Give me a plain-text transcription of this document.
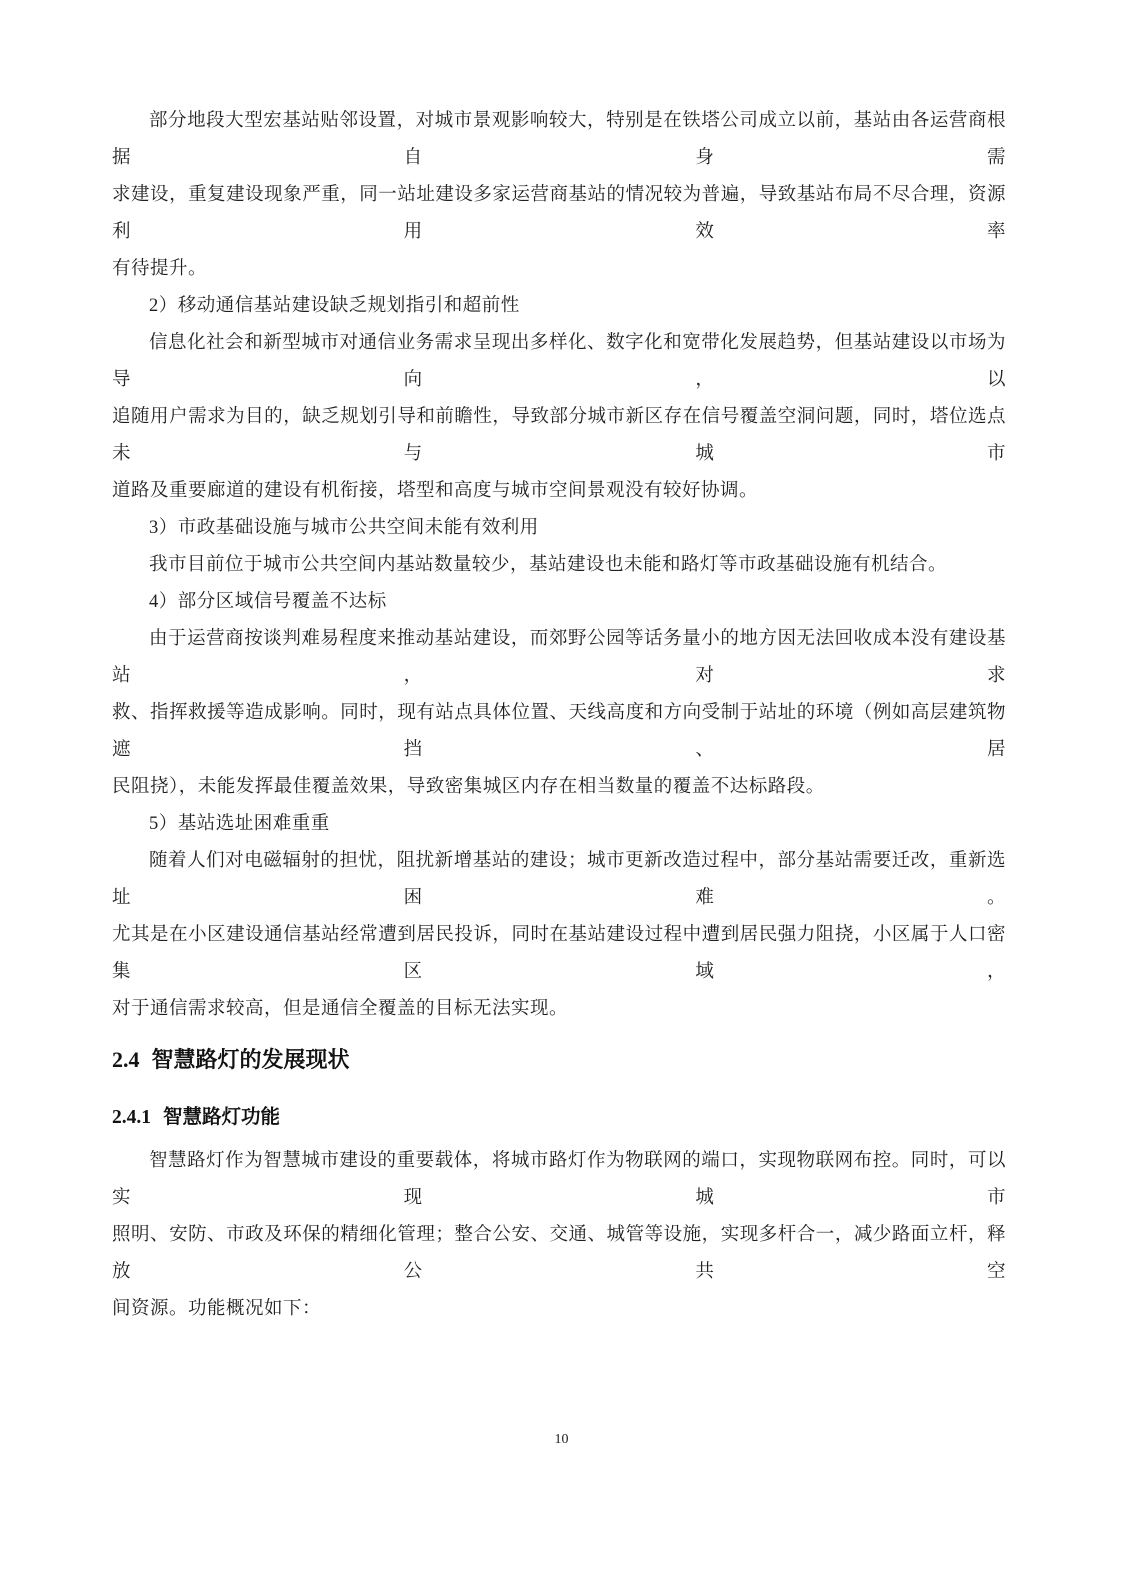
部分地段大型宏基站贴邻设置，对城市景观影响较大，特别是在铁塔公司成立以前，基站由各运营商根据自身需
求建设，重复建设现象严重，同一站址建设多家运营商基站的情况较为普遍，导致基站布局不尽合理，资源利用效率
有待提升。
2）移动通信基站建设缺乏规划指引和超前性
信息化社会和新型城市对通信业务需求呈现出多样化、数字化和宽带化发展趋势，但基站建设以市场为导向，以
追随用户需求为目的，缺乏规划引导和前瞻性，导致部分城市新区存在信号覆盖空洞问题，同时，塔位选点未与城市
道路及重要廊道的建设有机衔接，塔型和高度与城市空间景观没有较好协调。
3）市政基础设施与城市公共空间未能有效利用
我市目前位于城市公共空间内基站数量较少，基站建设也未能和路灯等市政基础设施有机结合。
4）部分区域信号覆盖不达标
由于运营商按谈判难易程度来推动基站建设，而郊野公园等话务量小的地方因无法回收成本没有建设基站，对求
救、指挥救援等造成影响。同时，现有站点具体位置、天线高度和方向受制于站址的环境（例如高层建筑物遮挡、居
民阻挠），未能发挥最佳覆盖效果，导致密集城区内存在相当数量的覆盖不达标路段。
5）基站选址困难重重
随着人们对电磁辐射的担忧，阻扰新增基站的建设；城市更新改造过程中，部分基站需要迁改，重新选址困难。
尤其是在小区建设通信基站经常遭到居民投诉，同时在基站建设过程中遭到居民强力阻挠，小区属于人口密集区域，
对于通信需求较高，但是通信全覆盖的目标无法实现。
2.4 智慧路灯的发展现状
2.4.1 智慧路灯功能
智慧路灯作为智慧城市建设的重要载体，将城市路灯作为物联网的端口，实现物联网布控。同时，可以实现城市
照明、安防、市政及环保的精细化管理；整合公安、交通、城管等设施，实现多杆合一，减少路面立杆，释放公共空
间资源。功能概况如下：
10
